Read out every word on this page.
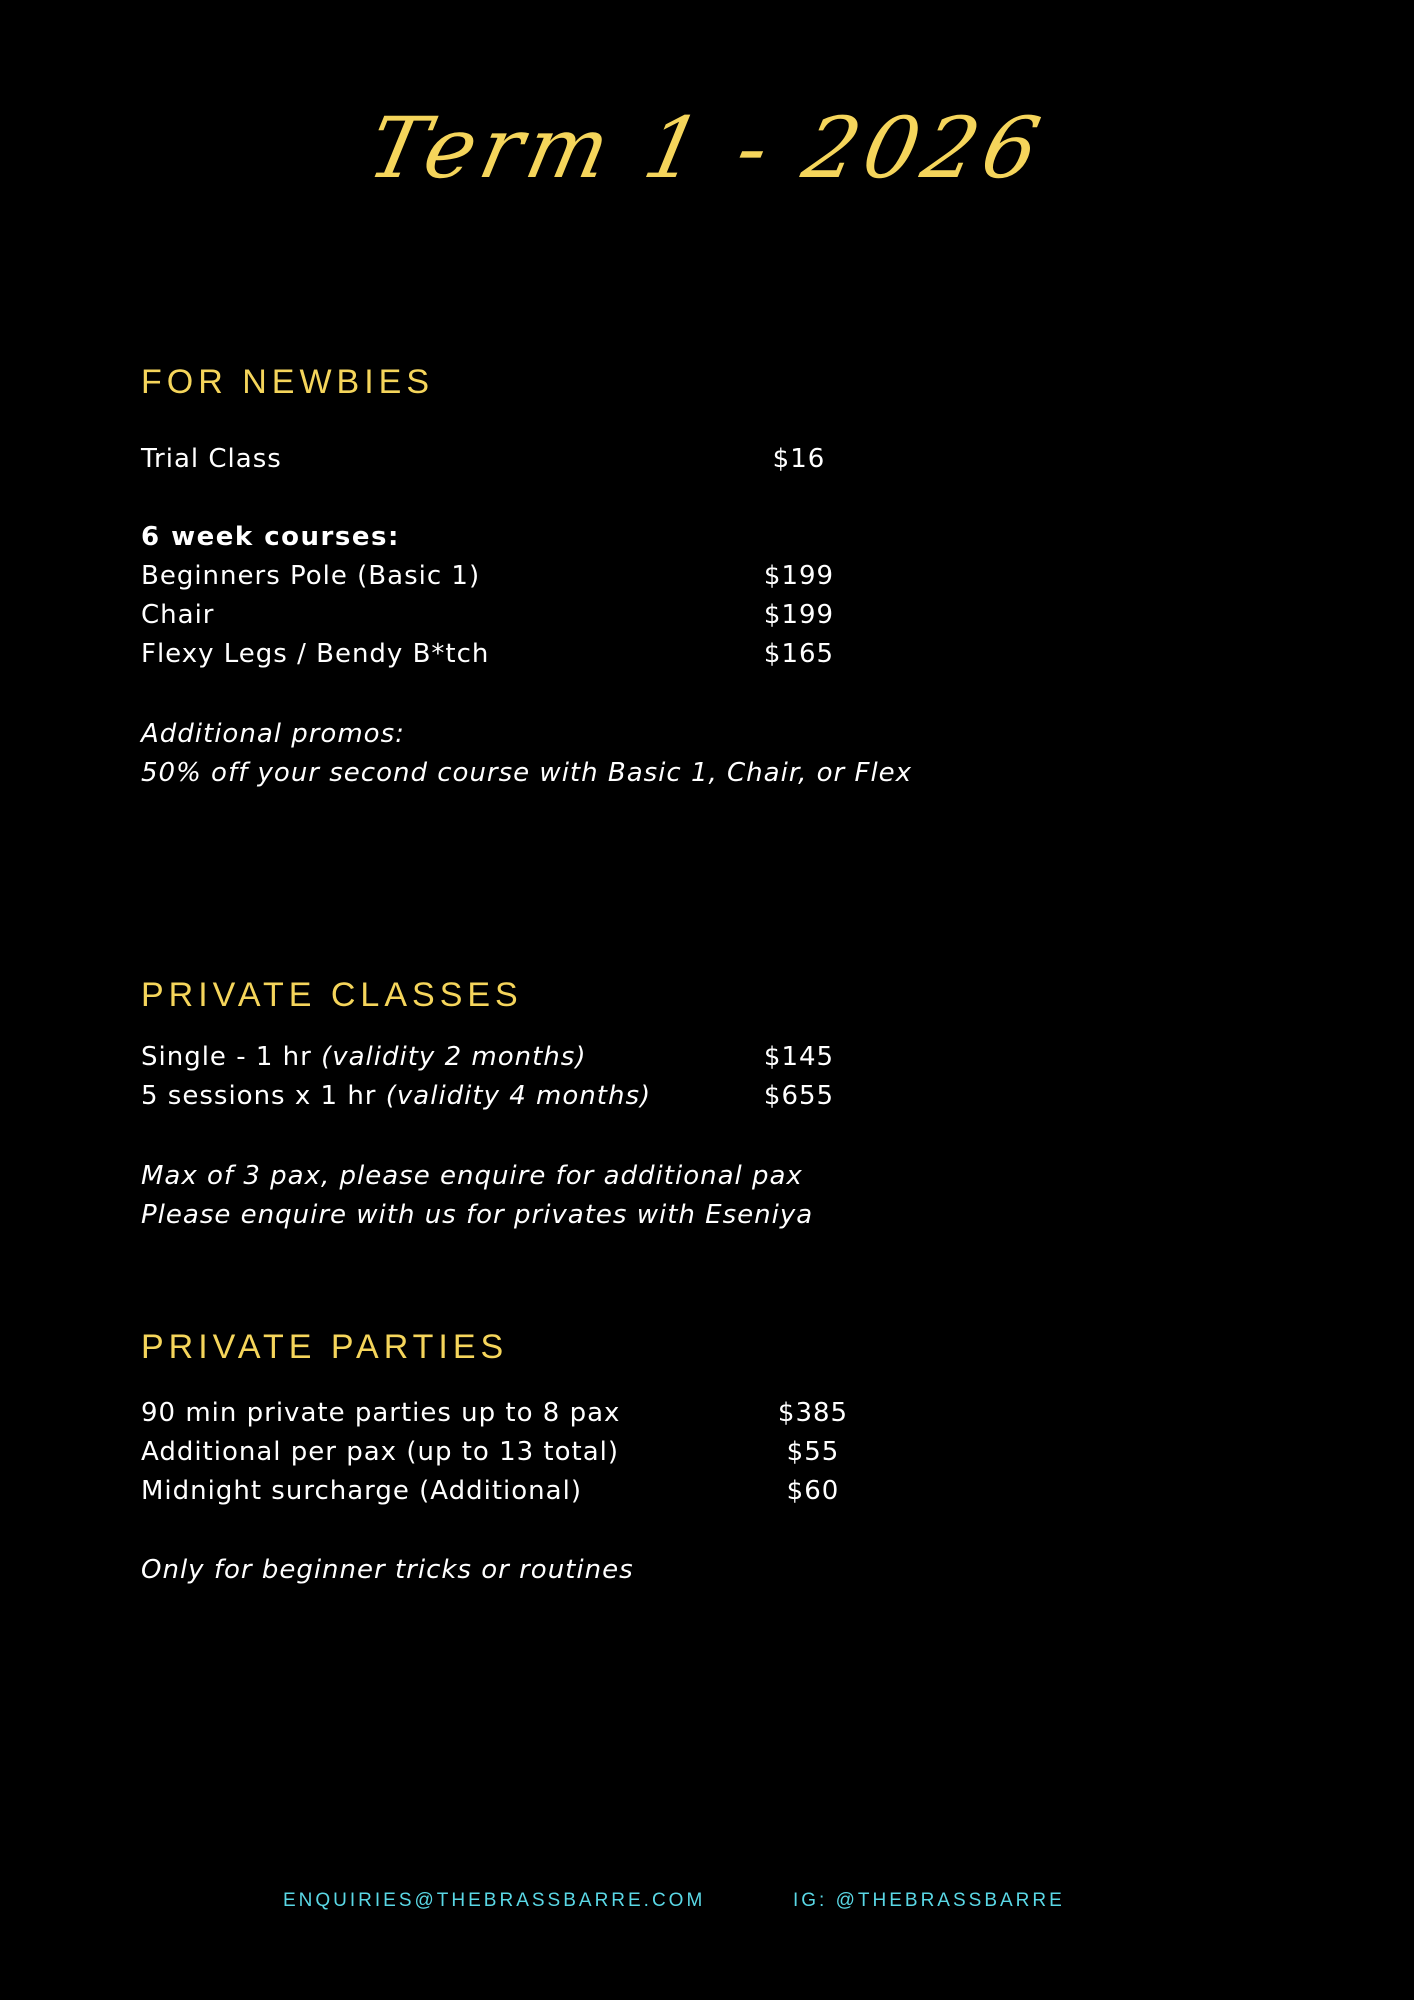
Term 1 - 2026
FOR NEWBIES
Trial Class	$16
6 week courses:
Beginners Pole (Basic 1)	$199
Chair	$199
Flexy Legs / Bendy B*tch	$165
Additional promos:
50% off your second course with Basic 1, Chair, or Flex
PRIVATE CLASSES
Single - 1 hr (validity 2 months)	$145
5 sessions x 1 hr (validity 4 months)	$655
Max of 3 pax, please enquire for additional pax
Please enquire with us for privates with Eseniya
PRIVATE PARTIES
90 min private parties up to 8 pax	$385
Additional per pax (up to 13 total)	$55
Midnight surcharge (Additional)	$60
Only for beginner tricks or routines
ENQUIRIES@THEBRASSBARRE.COM	IG: @THEBRASSBARRE
